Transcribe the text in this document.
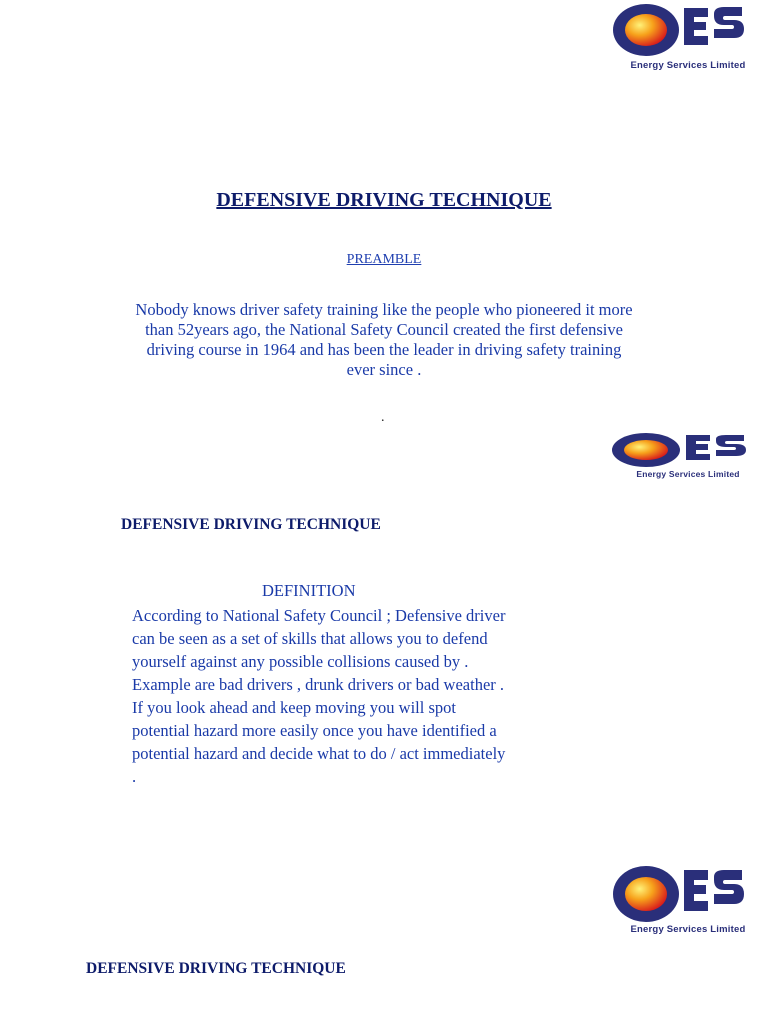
Energy Services Limited
DEFENSIVE DRIVING TECHNIQUE
PREAMBLE
Nobody knows driver safety training like the people who pioneered it more
than 52years ago, the National Safety Council created the first defensive
driving course in 1964 and has been the leader in driving safety training
ever since .
.
Energy Services Limited
DEFENSIVE DRIVING TECHNIQUE
DEFINITION
According to National Safety Council ; Defensive driver
can be seen as a set of skills that allows you to defend
yourself against any possible collisions caused by .
Example are bad drivers , drunk drivers or bad weather .
If you look ahead and keep moving you will spot
potential hazard more easily once you have identified a
potential hazard and decide what to do / act immediately
.
Energy Services Limited
DEFENSIVE DRIVING TECHNIQUE
